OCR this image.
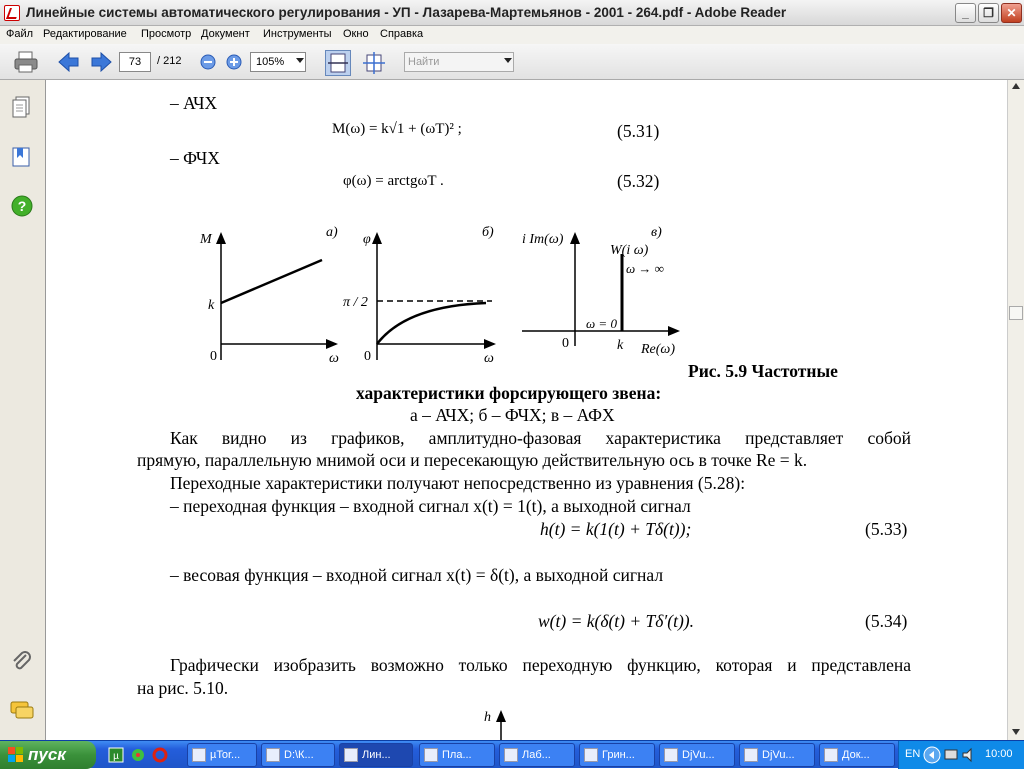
Линейные системы автоматического регулирования - УП - Лазарева-Мартемьянов - 2001 - 264.pdf - Adobe Reader	_	❐	✕
Файл Редактирование Просмотр Документ Инструменты Окно Справка
73	/ 212	105%	Найти
?
– АЧХ
M(ω) = k√1 + (ωT)² ;	(5.31)
– ФЧХ
φ(ω) = arctgωT .	(5.32)
M
k
0	ω
а) φ
π / 2
0	ω
б) i Im(ω)
W(i ω)
ω → ∞
ω = 0
0	k Re(ω)
в)
Рис. 5.9 Частотные
характеристики форсирующего звена:
а – АЧХ; б – ФЧХ; в – АФХ
Как видно из графиков, амплитудно-фазовая характеристика представляет собой
прямую, параллельную мнимой оси и пересекающую действительную ось в точке Re = k.
Переходные характеристики получают непосредственно из уравнения (5.28):
– переходная функция – входной сигнал x(t) = 1(t), а выходной сигнал
h(t) = k(1(t) + Tδ(t));	(5.33)
– весовая функция – входной сигнал x(t) = δ(t), а выходной сигнал
w(t) = k(δ(t) + Tδ′(t)).	(5.34)
Графически изобразить возможно только переходную функцию, которая и представлена
на рис. 5.10.
h
пуск	µ	µTor...	D:\К...	Лин...	Пла...	Лаб...	Грин...	DjVu...	DjVu...	Док...	EN	10:00
